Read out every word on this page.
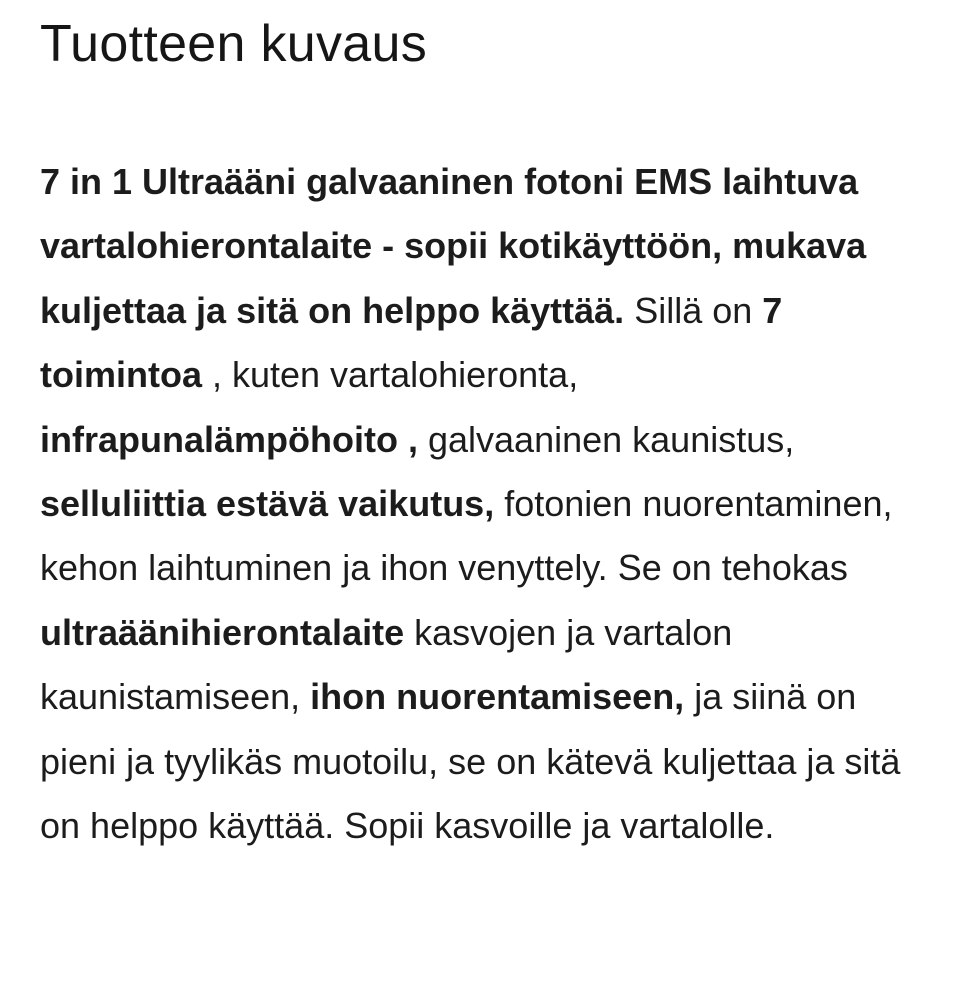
Tuotteen kuvaus

7 in 1 Ultraääni galvaaninen fotoni EMS laihtuva vartalohierontalaite - sopii kotikäyttöön, mukava kuljettaa ja sitä on helppo käyttää. Sillä on 7 toimintoa , kuten vartalohieronta, infrapunalämpöhoito , galvaaninen kaunistus, selluliittia estävä vaikutus, fotonien nuorentaminen, kehon laihtuminen ja ihon venyttely. Se on tehokas ultraäänihierontalaite kasvojen ja vartalon kaunistamiseen, ihon nuorentamiseen, ja siinä on pieni ja tyylikäs muotoilu, se on kätevä kuljettaa ja sitä on helppo käyttää. Sopii kasvoille ja vartalolle.
